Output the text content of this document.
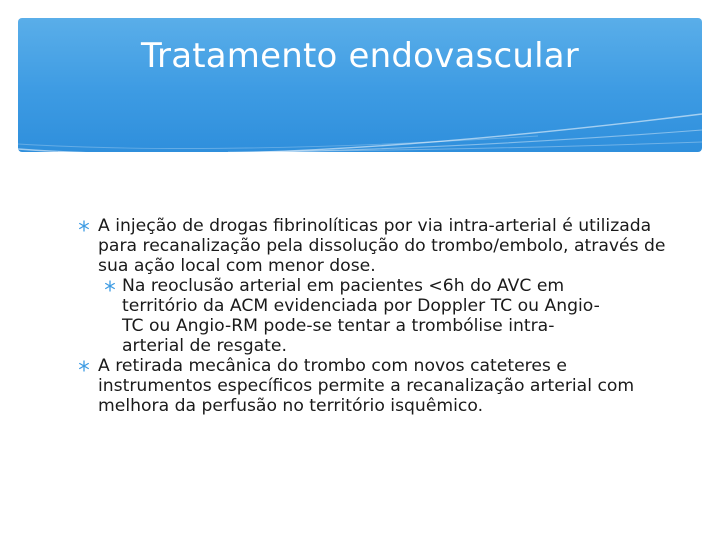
Tratamento endovascular
A injeção de drogas fibrinolíticas por via intra-arterial é utilizada para recanalização pela dissolução do trombo/embolo, através de sua ação local com menor dose.
Na reoclusão arterial em pacientes <6h do AVC em território da ACM evidenciada por Doppler TC ou Angio-TC ou Angio-RM pode-se tentar a trombólise intra-arterial de resgate.
A retirada mecânica do trombo com novos cateteres e instrumentos específicos permite a recanalização arterial com melhora da perfusão no território isquêmico.
